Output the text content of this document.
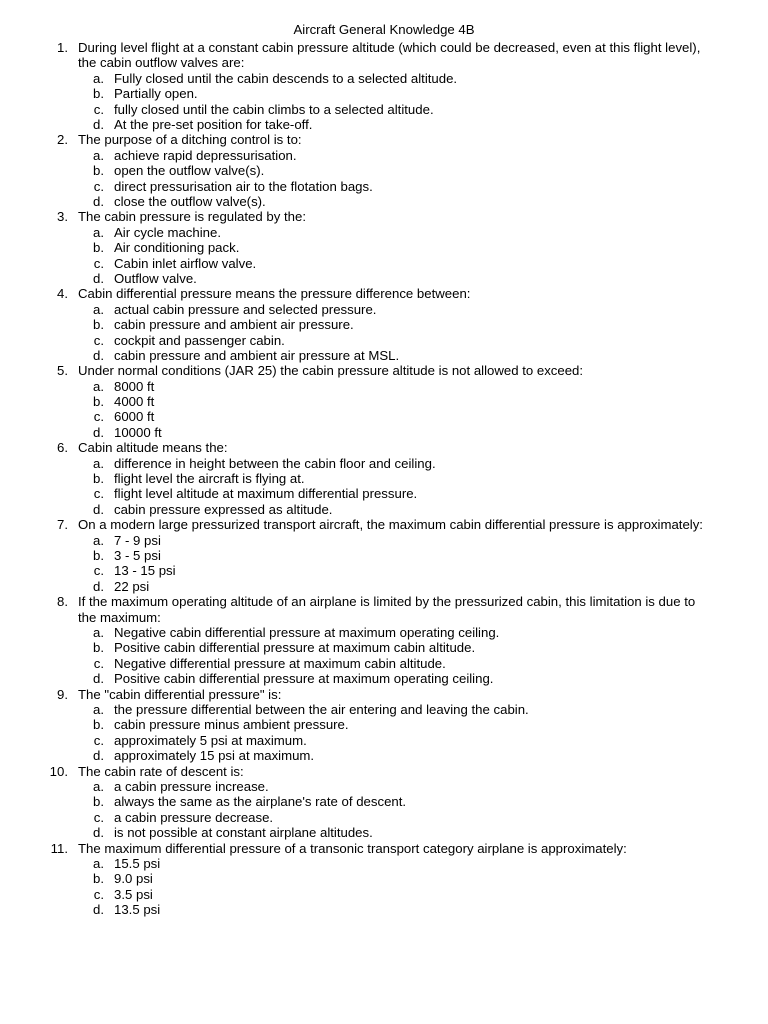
Aircraft General Knowledge 4B
1. During level flight at a constant cabin pressure altitude (which could be decreased, even at this flight level), the cabin outflow valves are:
a. Fully closed until the cabin descends to a selected altitude.
b. Partially open.
c. fully closed until the cabin climbs to a selected altitude.
d. At the pre-set position for take-off.
2. The purpose of a ditching control is to:
a. achieve rapid depressurisation.
b. open the outflow valve(s).
c. direct pressurisation air to the flotation bags.
d. close the outflow valve(s).
3. The cabin pressure is regulated by the:
a. Air cycle machine.
b. Air conditioning pack.
c. Cabin inlet airflow valve.
d. Outflow valve.
4. Cabin differential pressure means the pressure difference between:
a. actual cabin pressure and selected pressure.
b. cabin pressure and ambient air pressure.
c. cockpit and passenger cabin.
d. cabin pressure and ambient air pressure at MSL.
5. Under normal conditions (JAR 25) the cabin pressure altitude is not allowed to exceed:
a. 8000 ft
b. 4000 ft
c. 6000 ft
d. 10000 ft
6. Cabin altitude means the:
a. difference in height between the cabin floor and ceiling.
b. flight level the aircraft is flying at.
c. flight level altitude at maximum differential pressure.
d. cabin pressure expressed as altitude.
7. On a modern large pressurized transport aircraft, the maximum cabin differential pressure is approximately:
a. 7 - 9 psi
b. 3 - 5 psi
c. 13 - 15 psi
d. 22 psi
8. If the maximum operating altitude of an airplane is limited by the pressurized cabin, this limitation is due to the maximum:
a. Negative cabin differential pressure at maximum operating ceiling.
b. Positive cabin differential pressure at maximum cabin altitude.
c. Negative differential pressure at maximum cabin altitude.
d. Positive cabin differential pressure at maximum operating ceiling.
9. The "cabin differential pressure" is:
a. the pressure differential between the air entering and leaving the cabin.
b. cabin pressure minus ambient pressure.
c. approximately 5 psi at maximum.
d. approximately 15 psi at maximum.
10. The cabin rate of descent is:
a. a cabin pressure increase.
b. always the same as the airplane's rate of descent.
c. a cabin pressure decrease.
d. is not possible at constant airplane altitudes.
11. The maximum differential pressure of a transonic transport category airplane is approximately:
a. 15.5 psi
b. 9.0 psi
c. 3.5 psi
d. 13.5 psi
